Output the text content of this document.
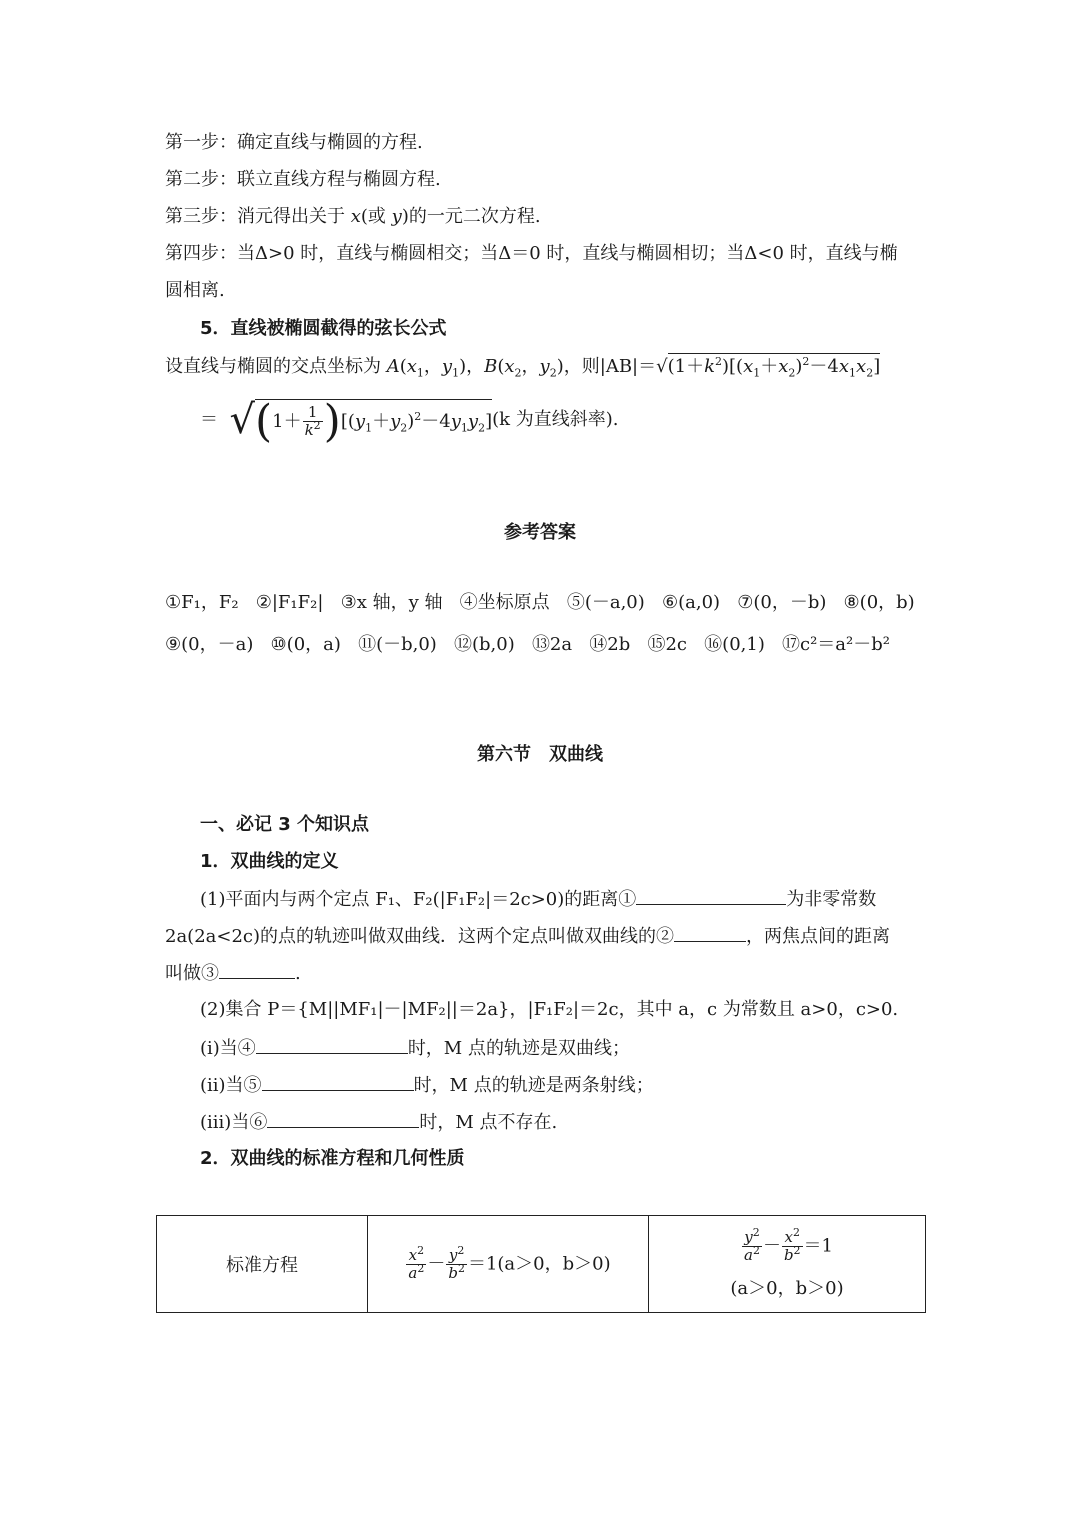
第一步：确定直线与椭圆的方程.
第二步：联立直线方程与椭圆方程.
第三步：消元得出关于 x(或 y)的一元二次方程.
第四步：当Δ>0 时，直线与椭圆相交；当Δ＝0 时，直线与椭圆相切；当Δ<0 时，直线与椭
圆相离.
5．直线被椭圆截得的弦长公式
设直线与椭圆的交点坐标为 $A(x_1$，$y_1$)，$B(x_2$，$y_2$)，则$|AB|=√(1+k^2)[(x_1+x_2)^2-4x_1x_2]$
＝ $√(1+ \frac{1}{k^2} )[(y_1+y_2)^2-4y_1y_2](k$ 为直线斜率).
参考答案
①F₁，F₂ ②|F₁F₂| ③x 轴，y 轴 ④坐标原点 ⑤(－a,0) ⑥(a,0) ⑦(0，－b) ⑧(0，b)
⑨(0，－a) ⑩(0，a) ⑪(－b,0) ⑫(b,0) ⑬2a ⑭2b ⑮2c ⑯(0,1) ⑰c²＝a²－b²
第六节　双曲线
一、必记 3 个知识点
1．双曲线的定义
(1)平面内与两个定点 F₁、F₂(|F₁F₂|＝2c>0)的距离①	为非零常数
2a(2a<2c)的点的轨迹叫做双曲线．这两个定点叫做双曲线的②	，两焦点间的距离
叫做③	.
(2)集合 P＝{M||MF₁|－|MF₂||＝2a}，|F₁F₂|＝2c，其中 a，c 为常数且 a>0，c>0.
(ⅰ)当④	时，M 点的轨迹是双曲线；
(ⅱ)当⑤	时，M 点的轨迹是两条射线；
(ⅲ)当⑥	时，M 点不存在.
2．双曲线的标准方程和几何性质
标准方程	$\frac{x^2}{a^2} - \frac{y^2}{b^2} =1(a>0$，b＞0)	$\frac{y^2}{a^2} - \frac{x^2}{b^2} =1$
(a＞0，b＞0)
